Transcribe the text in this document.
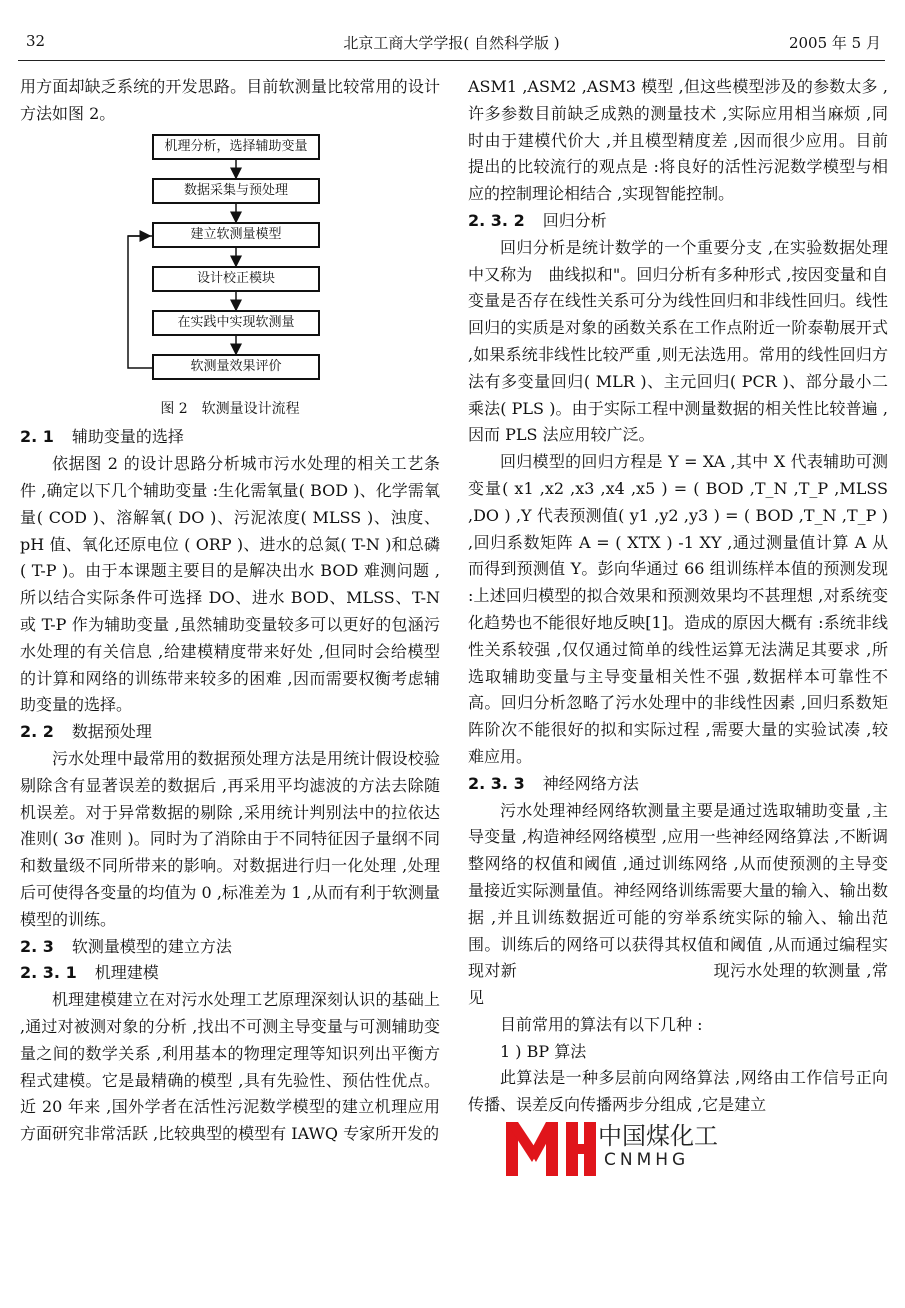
32	北京工商大学学报( 自然科学版 )	2005 年 5 月

用方面却缺乏系统的开发思路。目前软测量比较常用的设计方法如图 2。

机理分析，选择辅助变量
数据采集与预处理
建立软测量模型
设计校正模块
在实践中实现软测量
软测量效果评价
图 2　软测量设计流程

2. 1 辅助变量的选择

依据图 2 的设计思路分析城市污水处理的相关工艺条件 ,确定以下几个辅助变量 :生化需氧量( BOD )、化学需氧量( COD )、溶解氧( DO )、污泥浓度( MLSS )、浊度、pH 值、氧化还原电位 ( ORP )、进水的总氮( T-N )和总磷( T-P )。由于本课题主要目的是解决出水 BOD 难测问题 ,所以结合实际条件可选择 DO、进水 BOD、MLSS、T-N 或 T-P 作为辅助变量 ,虽然辅助变量较多可以更好的包涵污水处理的有关信息 ,给建模精度带来好处 ,但同时会给模型的计算和网络的训练带来较多的困难 ,因而需要权衡考虑辅助变量的选择。

2. 2 数据预处理

污水处理中最常用的数据预处理方法是用统计假设校验剔除含有显著误差的数据后 ,再采用平均滤波的方法去除随机误差。对于异常数据的剔除 ,采用统计判别法中的拉依达准则( 3σ 准则 )。同时为了消除由于不同特征因子量纲不同和数量级不同所带来的影响。对数据进行归一化处理 ,处理后可使得各变量的均值为 0 ,标准差为 1 ,从而有利于软测量模型的训练。

2. 3 软测量模型的建立方法

2. 3. 1 机理建模

机理建模建立在对污水处理工艺原理深刻认识的基础上 ,通过对被测对象的分析 ,找出不可测主导变量与可测辅助变量之间的数学关系 ,利用基本的物理定理等知识列出平衡方程式建模。它是最精确的模型 ,具有先验性、预估性优点。近 20 年来 ,国外学者在活性污泥数学模型的建立机理应用方面研究非常活跃 ,比较典型的模型有 IAWQ 专家所开发的

ASM1 ,ASM2 ,ASM3 模型 ,但这些模型涉及的参数太多 ,许多参数目前缺乏成熟的测量技术 ,实际应用相当麻烦 ,同时由于建模代价大 ,并且模型精度差 ,因而很少应用。目前提出的比较流行的观点是 :将良好的活性污泥数学模型与相应的控制理论相结合 ,实现智能控制。

2. 3. 2 回归分析

回归分析是统计数学的一个重要分支 ,在实验数据处理中又称为　曲线拟和"。回归分析有多种形式 ,按因变量和自变量是否存在线性关系可分为线性回归和非线性回归。线性回归的实质是对象的函数关系在工作点附近一阶泰勒展开式 ,如果系统非线性比较严重 ,则无法选用。常用的线性回归方法有多变量回归( MLR )、主元回归( PCR )、部分最小二乘法( PLS )。由于实际工程中测量数据的相关性比较普遍 ,因而 PLS 法应用较广泛。

回归模型的回归方程是 Y = XA ,其中 X 代表辅助可测变量( x1 ,x2 ,x3 ,x4 ,x5 ) = ( BOD ,T_N ,T_P ,MLSS ,DO ) ,Y 代表预测值( y1 ,y2 ,y3 ) = ( BOD ,T_N ,T_P ) ,回归系数矩阵 A = ( XTX ) -1 XY ,通过测量值计算 A 从而得到预测值 Y。彭向华通过 66 组训练样本值的预测发现 :上述回归模型的拟合效果和预测效果均不甚理想 ,对系统变化趋势也不能很好地反映[1]。造成的原因大概有 :系统非线性关系较强 ,仅仅通过简单的线性运算无法满足其要求 ,所选取辅助变量与主导变量相关性不强 ,数据样本可靠性不高。回归分析忽略了污水处理中的非线性因素 ,回归系数矩阵阶次不能很好的拟和实际过程 ,需要大量的实验试凑 ,较难应用。

2. 3. 3 神经网络方法

污水处理神经网络软测量主要是通过选取辅助变量 ,主导变量 ,构造神经网络模型 ,应用一些神经网络算法 ,不断调整网络的权值和阈值 ,通过训练网络 ,从而使预测的主导变量接近实际测量值。神经网络训练需要大量的输入、输出数据 ,并且训练数据近可能的穷举系统实际的输入、输出范围。训练后的网络可以获得其权值和阈值 ,从而通过编程实现对新　　　　　　　　　　　　现污水处理的软测量 ,常见

目前常用的算法有以下几种 :

1 ) BP 算法

此算法是一种多层前向网络算法 ,网络由工作信号正向传播、误差反向传播两步分组成 ,它是建立

中国煤化工
CNMHG
